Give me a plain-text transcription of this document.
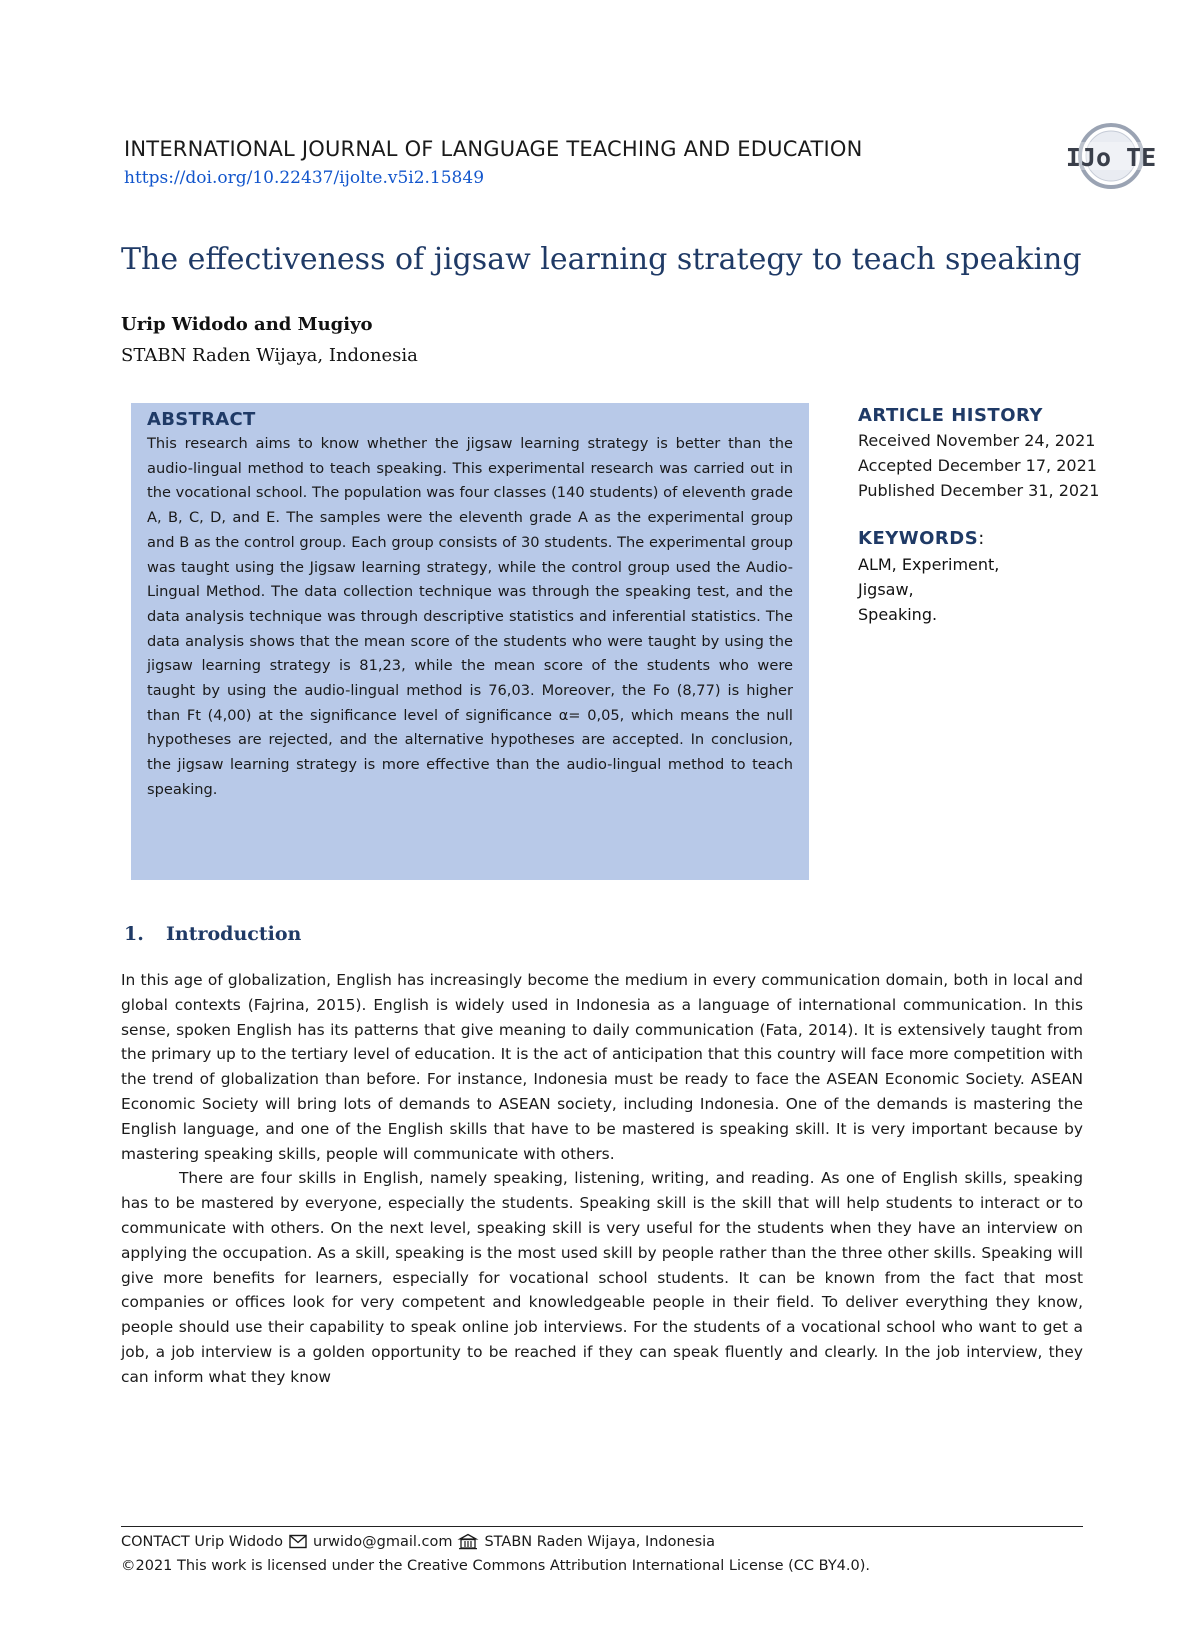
INTERNATIONAL JOURNAL OF LANGUAGE TEACHING AND EDUCATION
https://doi.org/10.22437/ijolte.v5i2.15849
IJo TE
The effectiveness of jigsaw learning strategy to teach speaking
Urip Widodo and Mugiyo
STABN Raden Wijaya, Indonesia
ABSTRACT

This research aims to know whether the jigsaw learning strategy is better than the audio-lingual method to teach speaking. This experimental research was carried out in the vocational school. The population was four classes (140 students) of eleventh grade A, B, C, D, and E. The samples were the eleventh grade A as the experimental group and B as the control group. Each group consists of 30 students. The experimental group was taught using the Jigsaw learning strategy, while the control group used the Audio-Lingual Method. The data collection technique was through the speaking test, and the data analysis technique was through descriptive statistics and inferential statistics. The data analysis shows that the mean score of the students who were taught by using the jigsaw learning strategy is 81,23, while the mean score of the students who were taught by using the audio-lingual method is 76,03. Moreover, the Fo (8,77) is higher than Ft (4,00) at the significance level of significance α= 0,05, which means the null hypotheses are rejected, and the alternative hypotheses are accepted. In conclusion, the jigsaw learning strategy is more effective than the audio-lingual method to teach speaking.

ARTICLE HISTORY
Received November 24, 2021
Accepted December 17, 2021
Published December 31, 2021
KEYWORDS:
ALM, Experiment,
Jigsaw,
Speaking.
1. Introduction

In this age of globalization, English has increasingly become the medium in every communication domain, both in local and global contexts (Fajrina, 2015). English is widely used in Indonesia as a language of international communication. In this sense, spoken English has its patterns that give meaning to daily communication (Fata, 2014). It is extensively taught from the primary up to the tertiary level of education. It is the act of anticipation that this country will face more competition with the trend of globalization than before. For instance, Indonesia must be ready to face the ASEAN Economic Society. ASEAN Economic Society will bring lots of demands to ASEAN society, including Indonesia. One of the demands is mastering the English language, and one of the English skills that have to be mastered is speaking skill. It is very important because by mastering speaking skills, people will communicate with others.

There are four skills in English, namely speaking, listening, writing, and reading. As one of English skills, speaking has to be mastered by everyone, especially the students. Speaking skill is the skill that will help students to interact or to communicate with others. On the next level, speaking skill is very useful for the students when they have an interview on applying the occupation. As a skill, speaking is the most used skill by people rather than the three other skills. Speaking will give more benefits for learners, especially for vocational school students. It can be known from the fact that most companies or offices look for very competent and knowledgeable people in their field. To deliver everything they know, people should use their capability to speak online job interviews. For the students of a vocational school who want to get a job, a job interview is a golden opportunity to be reached if they can speak fluently and clearly. In the job interview, they can inform what they know

CONTACT Urip Widodo urwido@gmail.com STABN Raden Wijaya, Indonesia
©2021 This work is licensed under the Creative Commons Attribution International License (CC BY4.0).
